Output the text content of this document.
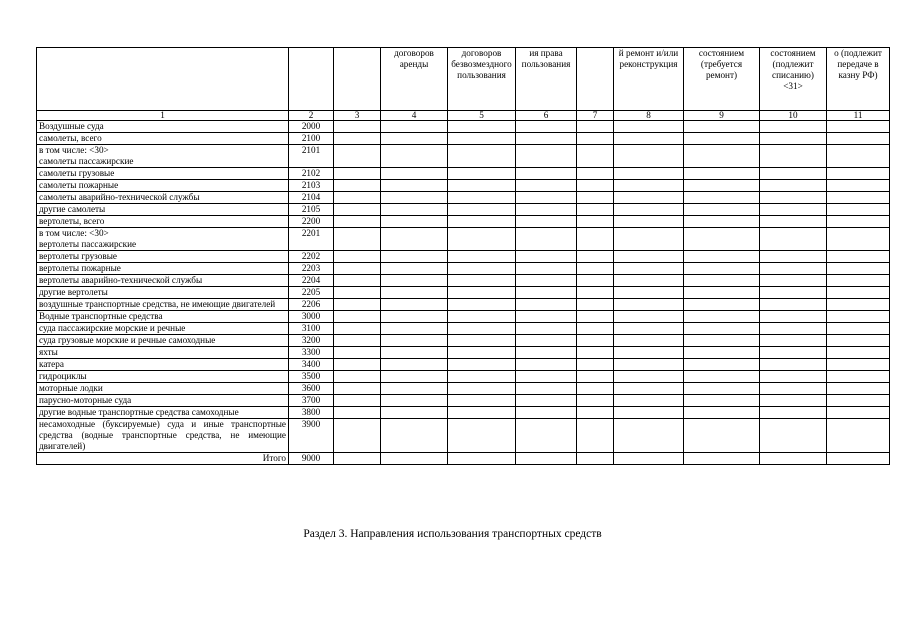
			договоров аренды	договоров безвозмездного пользования	ия права пользования		й ремонт и/или реконструкция	состоянием (требуется ремонт)	состоянием (подлежит списанию) <31>	о (подлежит передаче в казну РФ)
1	2	3	4	5	6	7	8	9	10	11
Воздушные суда	2000									
самолеты, всего	2100									
в том числе: <30>
самолеты пассажирские	2101									
самолеты грузовые	2102									
самолеты пожарные	2103									
самолеты аварийно-технической службы	2104									
другие самолеты	2105									
вертолеты, всего	2200									
в том числе: <30>
вертолеты пассажирские	2201									
вертолеты грузовые	2202									
вертолеты пожарные	2203									
вертолеты аварийно-технической службы	2204									
другие вертолеты	2205									
воздушные транспортные средства, не имеющие двигателей	2206									
Водные транспортные средства	3000									
суда пассажирские морские и речные	3100									
суда грузовые морские и речные самоходные	3200									
яхты	3300									
катера	3400									
гидроциклы	3500									
моторные лодки	3600									
парусно-моторные суда	3700									
другие водные транспортные средства самоходные	3800									
несамоходные (буксируемые) суда и иные транспортные средства (водные транспортные средства, не имеющие двигателей)	3900									
Итого	9000									
Раздел 3. Направления использования транспортных средств
